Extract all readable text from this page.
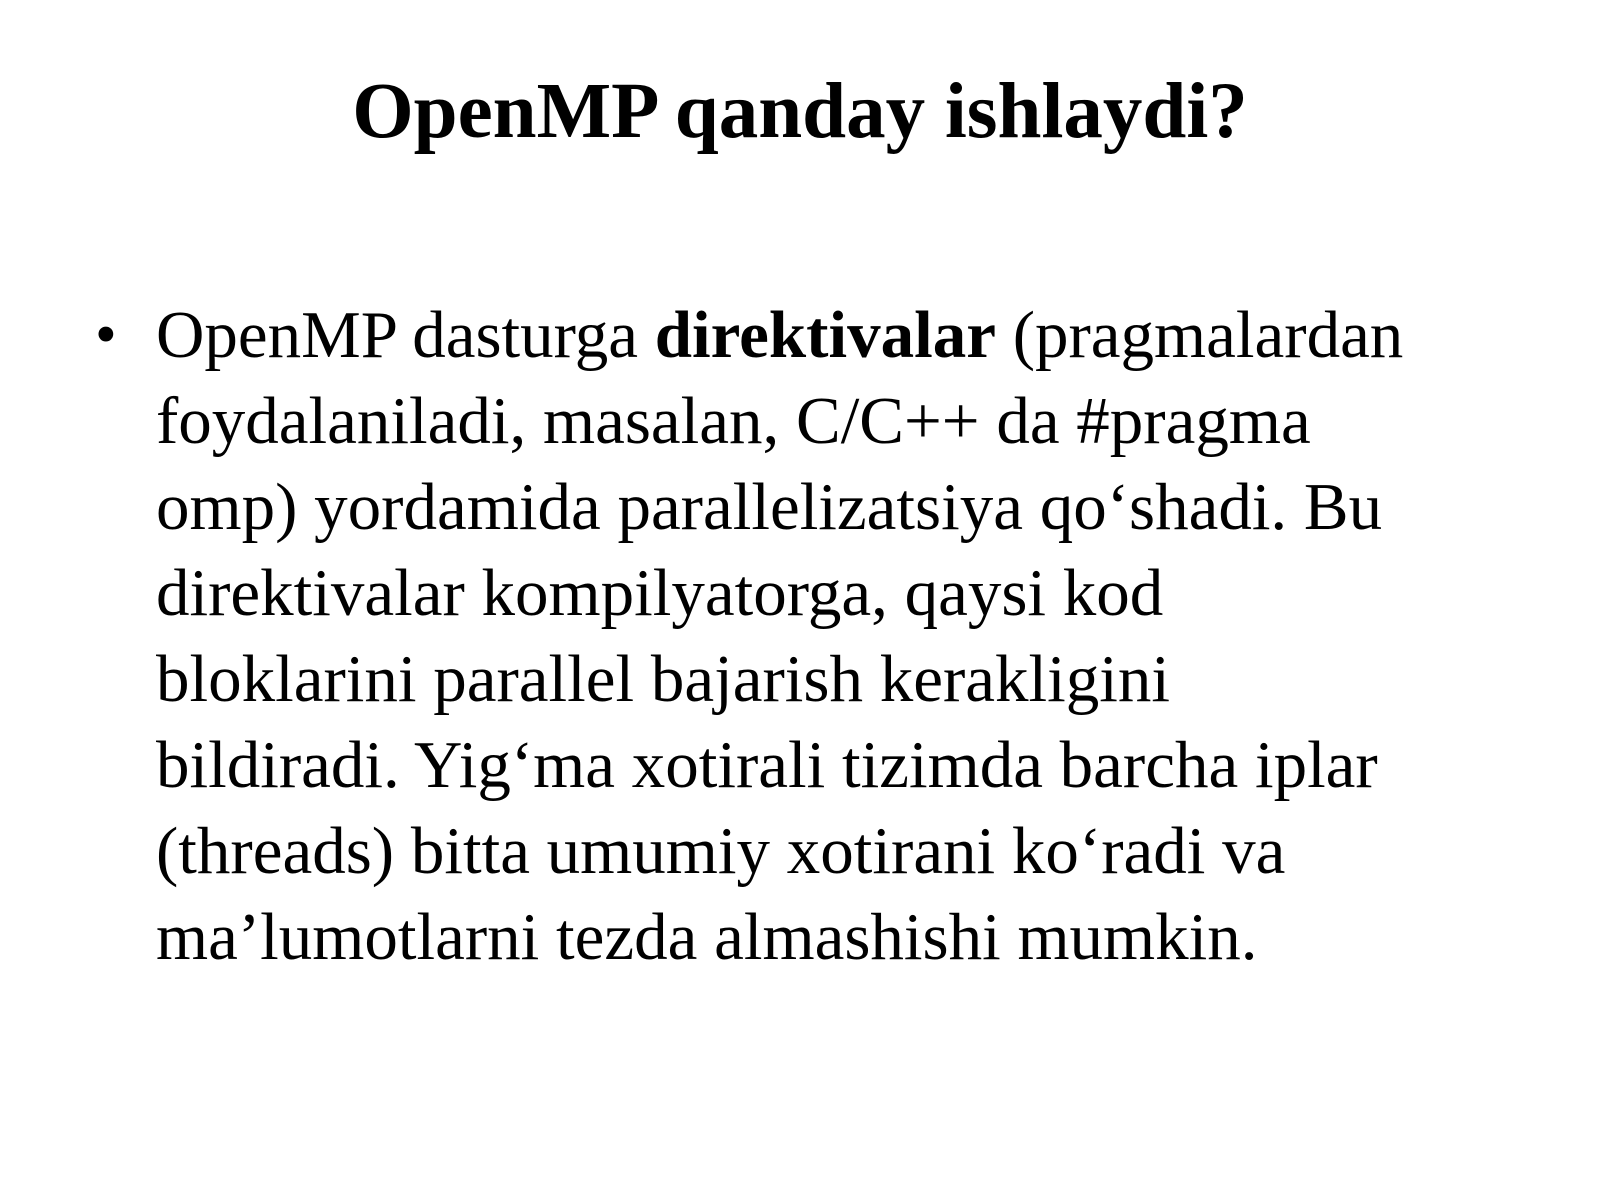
OpenMP qanday ishlaydi?
• OpenMP dasturga direktivalar (pragmalardan
foydalaniladi, masalan, C/C++ da #pragma
omp) yordamida parallelizatsiya qo‘shadi. Bu
direktivalar kompilyatorga, qaysi kod
bloklarini parallel bajarish kerakligini
bildiradi. Yig‘ma xotirali tizimda barcha iplar
(threads) bitta umumiy xotirani ko‘radi va
ma’lumotlarni tezda almashishi mumkin.
